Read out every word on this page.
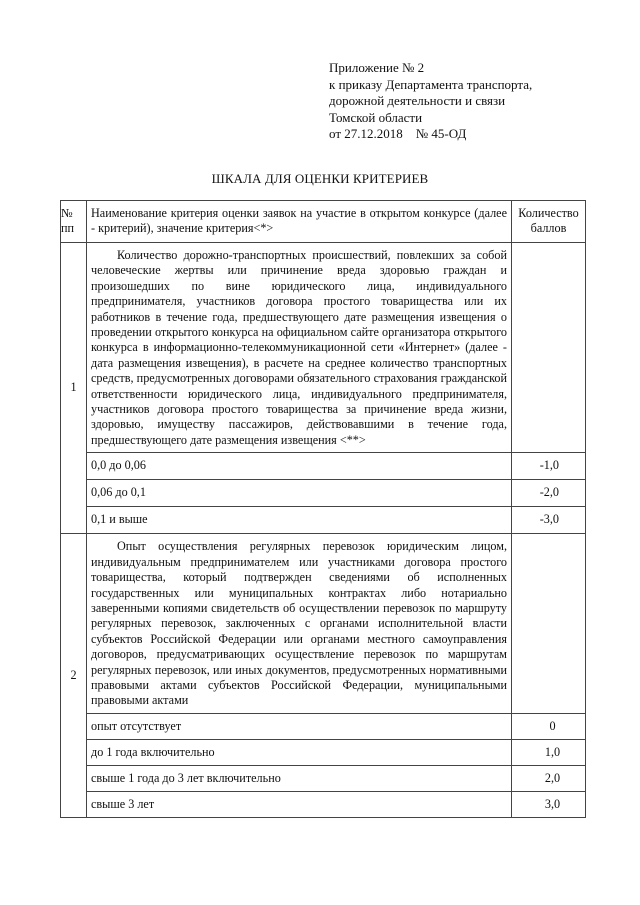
Приложение № 2
к приказу Департамента транспорта,
дорожной деятельности и связи
Томской области
от 27.12.2018    № 45-ОД
ШКАЛА ДЛЯ ОЦЕНКИ КРИТЕРИЕВ
№ пп	Наименование критерия оценки заявок на участие в открытом конкурсе (далее - критерий), значение критерия<*>	Количество баллов
1	Количество дорожно-транспортных происшествий, повлекших за собой человеческие жертвы или причинение вреда здоровью граждан и произошедших по вине юридического лица, индивидуального предпринимателя, участников договора простого товарищества или их работников в течение года, предшествующего дате размещения извещения о проведении открытого конкурса на официальном сайте организатора открытого конкурса в информационно-телекоммуникационной сети «Интернет» (далее - дата размещения извещения), в расчете на среднее количество транспортных средств, предусмотренных договорами обязательного страхования гражданской ответственности юридического лица, индивидуального предпринимателя, участников договора простого товарищества за причинение вреда жизни, здоровью, имуществу пассажиров, действовавшими в течение года, предшествующего дате размещения извещения <**>	
	0,0 до 0,06	-1,0
	0,06 до 0,1	-2,0
	0,1 и выше	-3,0
2	Опыт осуществления регулярных перевозок юридическим лицом, индивидуальным предпринимателем или участниками договора простого товарищества, который подтвержден сведениями об исполненных государственных или муниципальных контрактах либо нотариально заверенными копиями свидетельств об осуществлении перевозок по маршруту регулярных перевозок, заключенных с органами исполнительной власти субъектов Российской Федерации или органами местного самоуправления договоров, предусматривающих осуществление перевозок по маршрутам регулярных перевозок, или иных документов, предусмотренных нормативными правовыми актами субъектов Российской Федерации, муниципальными правовыми актами	
	опыт отсутствует	0
	до 1 года включительно	1,0
	свыше 1 года до 3 лет включительно	2,0
	свыше 3 лет	3,0
